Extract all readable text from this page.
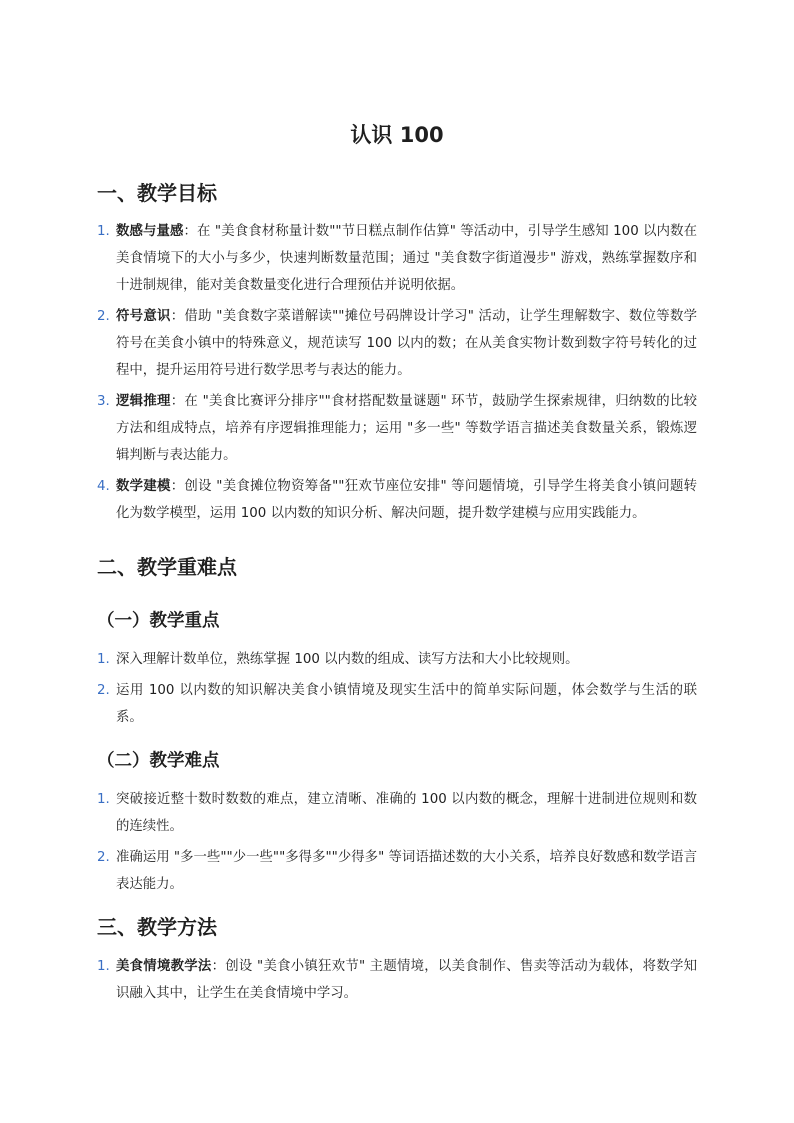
认识 100
一、教学目标
1. 数感与量感：在 "美食食材称量计数""节日糕点制作估算" 等活动中，引导学生感知 100 以内数在美食情境下的大小与多少，快速判断数量范围；通过 "美食数字街道漫步" 游戏，熟练掌握数序和十进制规律，能对美食数量变化进行合理预估并说明依据。
2. 符号意识：借助 "美食数字菜谱解读""摊位号码牌设计学习" 活动，让学生理解数字、数位等数学符号在美食小镇中的特殊意义，规范读写 100 以内的数；在从美食实物计数到数字符号转化的过程中，提升运用符号进行数学思考与表达的能力。
3. 逻辑推理：在 "美食比赛评分排序""食材搭配数量谜题" 环节，鼓励学生探索规律，归纳数的比较方法和组成特点，培养有序逻辑推理能力；运用 "多一些" 等数学语言描述美食数量关系，锻炼逻辑判断与表达能力。
4. 数学建模：创设 "美食摊位物资筹备""狂欢节座位安排" 等问题情境，引导学生将美食小镇问题转化为数学模型，运用 100 以内数的知识分析、解决问题，提升数学建模与应用实践能力。
二、教学重难点
（一）教学重点
1. 深入理解计数单位，熟练掌握 100 以内数的组成、读写方法和大小比较规则。
2. 运用 100 以内数的知识解决美食小镇情境及现实生活中的简单实际问题，体会数学与生活的联系。
（二）教学难点
1. 突破接近整十数时数数的难点，建立清晰、准确的 100 以内数的概念，理解十进制进位规则和数的连续性。
2. 准确运用 "多一些""少一些""多得多""少得多" 等词语描述数的大小关系，培养良好数感和数学语言表达能力。
三、教学方法
1. 美食情境教学法：创设 "美食小镇狂欢节" 主题情境，以美食制作、售卖等活动为载体，将数学知识融入其中，让学生在美食情境中学习。
